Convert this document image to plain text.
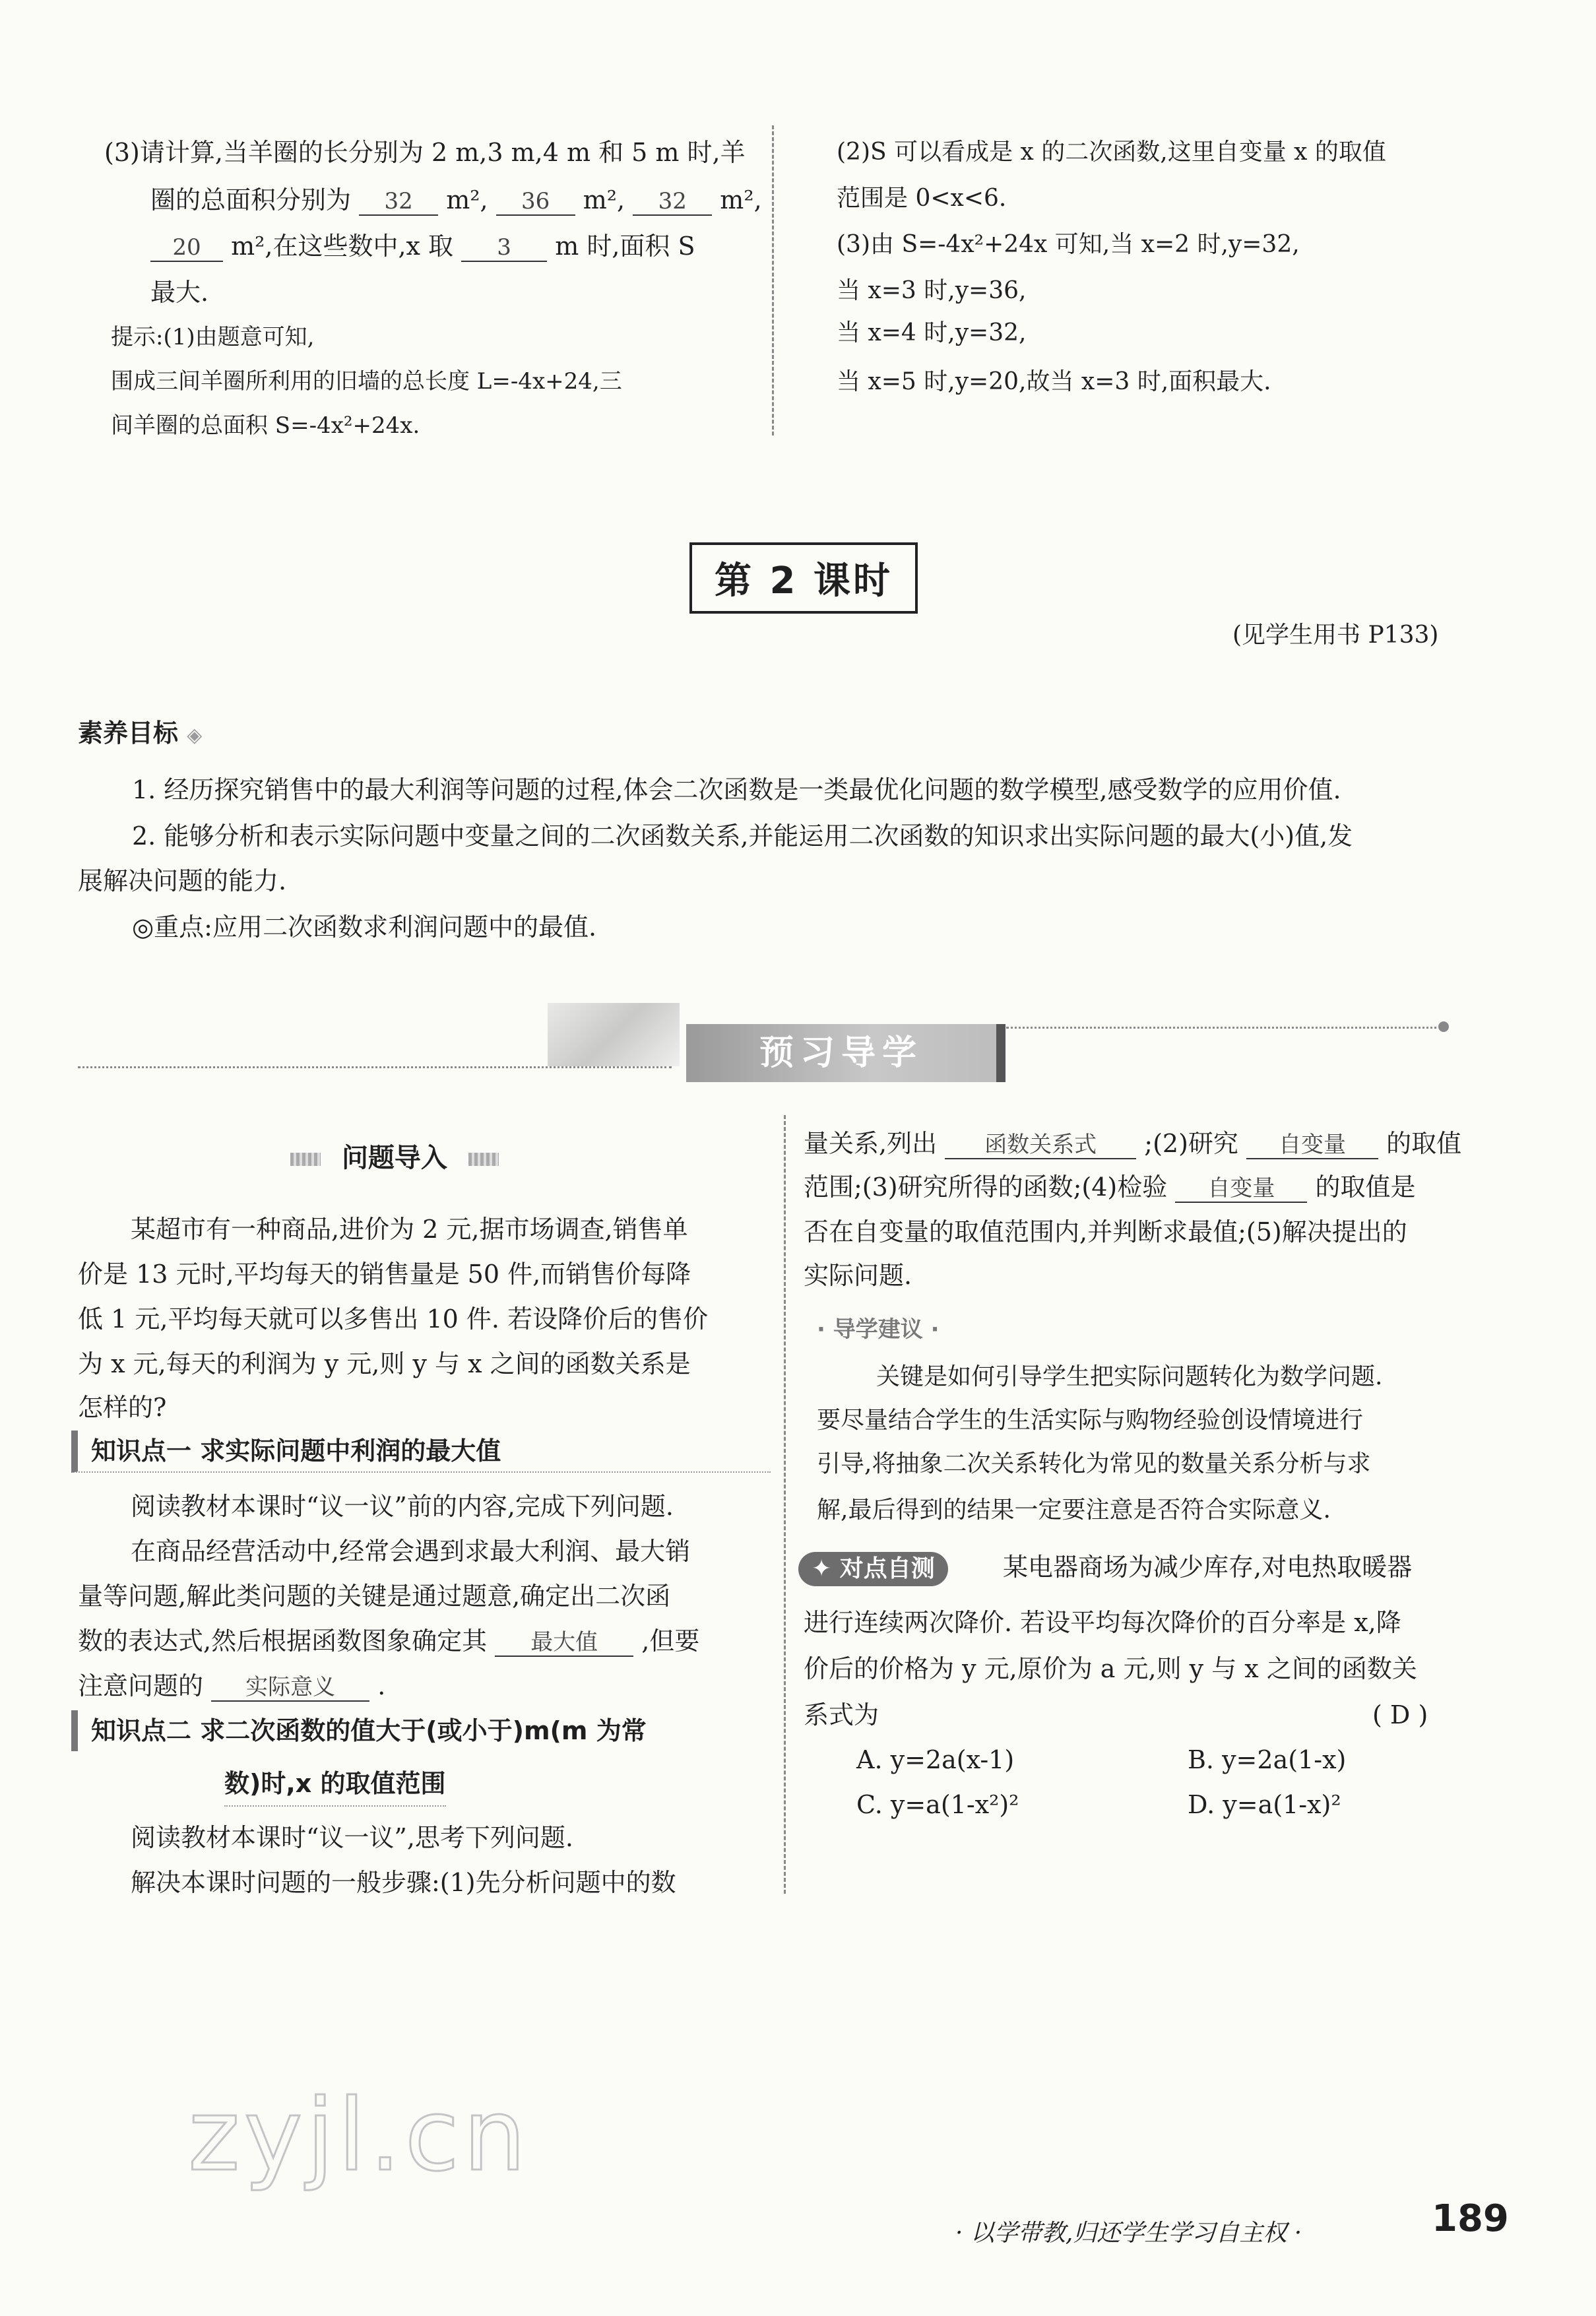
(3)请计算,当羊圈的长分别为 2 m,3 m,4 m 和 5 m 时,羊
圈的总面积分别为 32 m², 36 m², 32 m²,
20 m²,在这些数中,x 取 3 m 时,面积 S
最大.
提示:(1)由题意可知,
围成三间羊圈所利用的旧墙的总长度 L=-4x+24,三
间羊圈的总面积 S=-4x²+24x.
(2)S 可以看成是 x 的二次函数,这里自变量 x 的取值
范围是 0<x<6.
(3)由 S=-4x²+24x 可知,当 x=2 时,y=32,
当 x=3 时,y=36,
当 x=4 时,y=32,
当 x=5 时,y=20,故当 x=3 时,面积最大.
第 2 课时
(见学生用书 P133)
素养目标 ◈
1. 经历探究销售中的最大利润等问题的过程,体会二次函数是一类最优化问题的数学模型,感受数学的应用价值.
2. 能够分析和表示实际问题中变量之间的二次函数关系,并能运用二次函数的知识求出实际问题的最大(小)值,发
展解决问题的能力.
◎重点:应用二次函数求利润问题中的最值.
预习导学
问题导入
某超市有一种商品,进价为 2 元,据市场调查,销售单
价是 13 元时,平均每天的销售量是 50 件,而销售价每降
低 1 元,平均每天就可以多售出 10 件. 若设降价后的售价
为 x 元,每天的利润为 y 元,则 y 与 x 之间的函数关系是
怎样的?
知识点一 求实际问题中利润的最大值
阅读教材本课时“议一议”前的内容,完成下列问题.
在商品经营活动中,经常会遇到求最大利润、最大销
量等问题,解此类问题的关键是通过题意,确定出二次函
数的表达式,然后根据函数图象确定其 最大值 ,但要
注意问题的 实际意义 .
知识点二 求二次函数的值大于(或小于)m(m 为常
数)时,x 的取值范围
阅读教材本课时“议一议”,思考下列问题.
解决本课时问题的一般步骤:(1)先分析问题中的数
量关系,列出 函数关系式 ;(2)研究 自变量 的取值
范围;(3)研究所得的函数;(4)检验 自变量 的取值是
否在自变量的取值范围内,并判断求最值;(5)解决提出的
实际问题.
· 导学建议 ·
关键是如何引导学生把实际问题转化为数学问题.
要尽量结合学生的生活实际与购物经验创设情境进行
引导,将抽象二次关系转化为常见的数量关系分析与求
解,最后得到的结果一定要注意是否符合实际意义.
✦ 对点自测	某电器商场为减少库存,对电热取暖器
进行连续两次降价. 若设平均每次降价的百分率是 x,降
价后的价格为 y 元,原价为 a 元,则 y 与 x 之间的函数关
系式为	( D )
A. y=2a(x-1)	B. y=2a(1-x)
C. y=a(1-x²)²	D. y=a(1-x)²
zyjl.cn
· 以学带教,归还学生学习自主权 ·	189
